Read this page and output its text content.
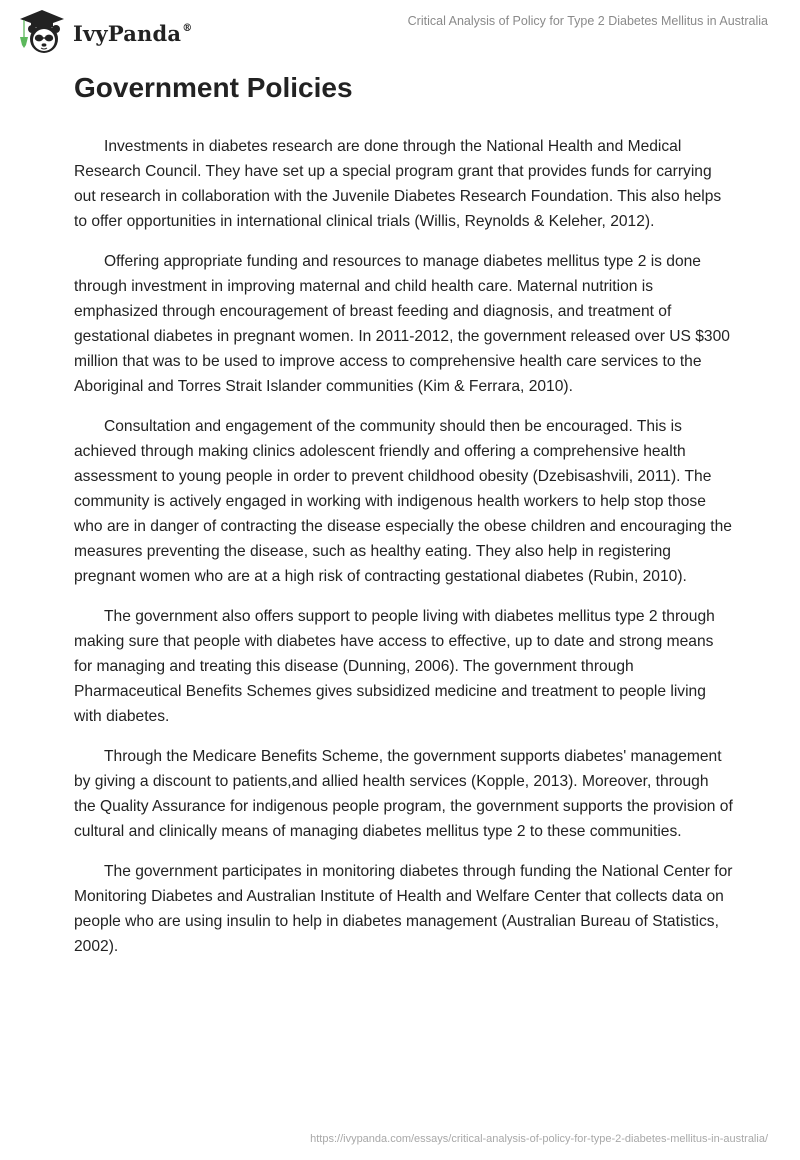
IvyPanda®	Critical Analysis of Policy for Type 2 Diabetes Mellitus in Australia
Government Policies

Investments in diabetes research are done through the National Health and Medical Research Council. They have set up a special program grant that provides funds for carrying out research in collaboration with the Juvenile Diabetes Research Foundation. This also helps to offer opportunities in international clinical trials (Willis, Reynolds & Keleher, 2012).

Offering appropriate funding and resources to manage diabetes mellitus type 2 is done through investment in improving maternal and child health care. Maternal nutrition is emphasized through encouragement of breast feeding and diagnosis, and treatment of gestational diabetes in pregnant women. In 2011-2012, the government released over US $300 million that was to be used to improve access to comprehensive health care services to the Aboriginal and Torres Strait Islander communities (Kim & Ferrara, 2010).

Consultation and engagement of the community should then be encouraged. This is achieved through making clinics adolescent friendly and offering a comprehensive health assessment to young people in order to prevent childhood obesity (Dzebisashvili, 2011). The community is actively engaged in working with indigenous health workers to help stop those who are in danger of contracting the disease especially the obese children and encouraging the measures preventing the disease, such as healthy eating. They also help in registering pregnant women who are at a high risk of contracting gestational diabetes (Rubin, 2010).

The government also offers support to people living with diabetes mellitus type 2 through making sure that people with diabetes have access to effective, up to date and strong means for managing and treating this disease (Dunning, 2006). The government through Pharmaceutical Benefits Schemes gives subsidized medicine and treatment to people living with diabetes.

Through the Medicare Benefits Scheme, the government supports diabetes' management by giving a discount to patients,and allied health services (Kopple, 2013). Moreover, through the Quality Assurance for indigenous people program, the government supports the provision of cultural and clinically means of managing diabetes mellitus type 2 to these communities.

The government participates in monitoring diabetes through funding the National Center for Monitoring Diabetes and Australian Institute of Health and Welfare Center that collects data on people who are using insulin to help in diabetes management (Australian Bureau of Statistics, 2002).

https://ivypanda.com/essays/critical-analysis-of-policy-for-type-2-diabetes-mellitus-in-australia/
